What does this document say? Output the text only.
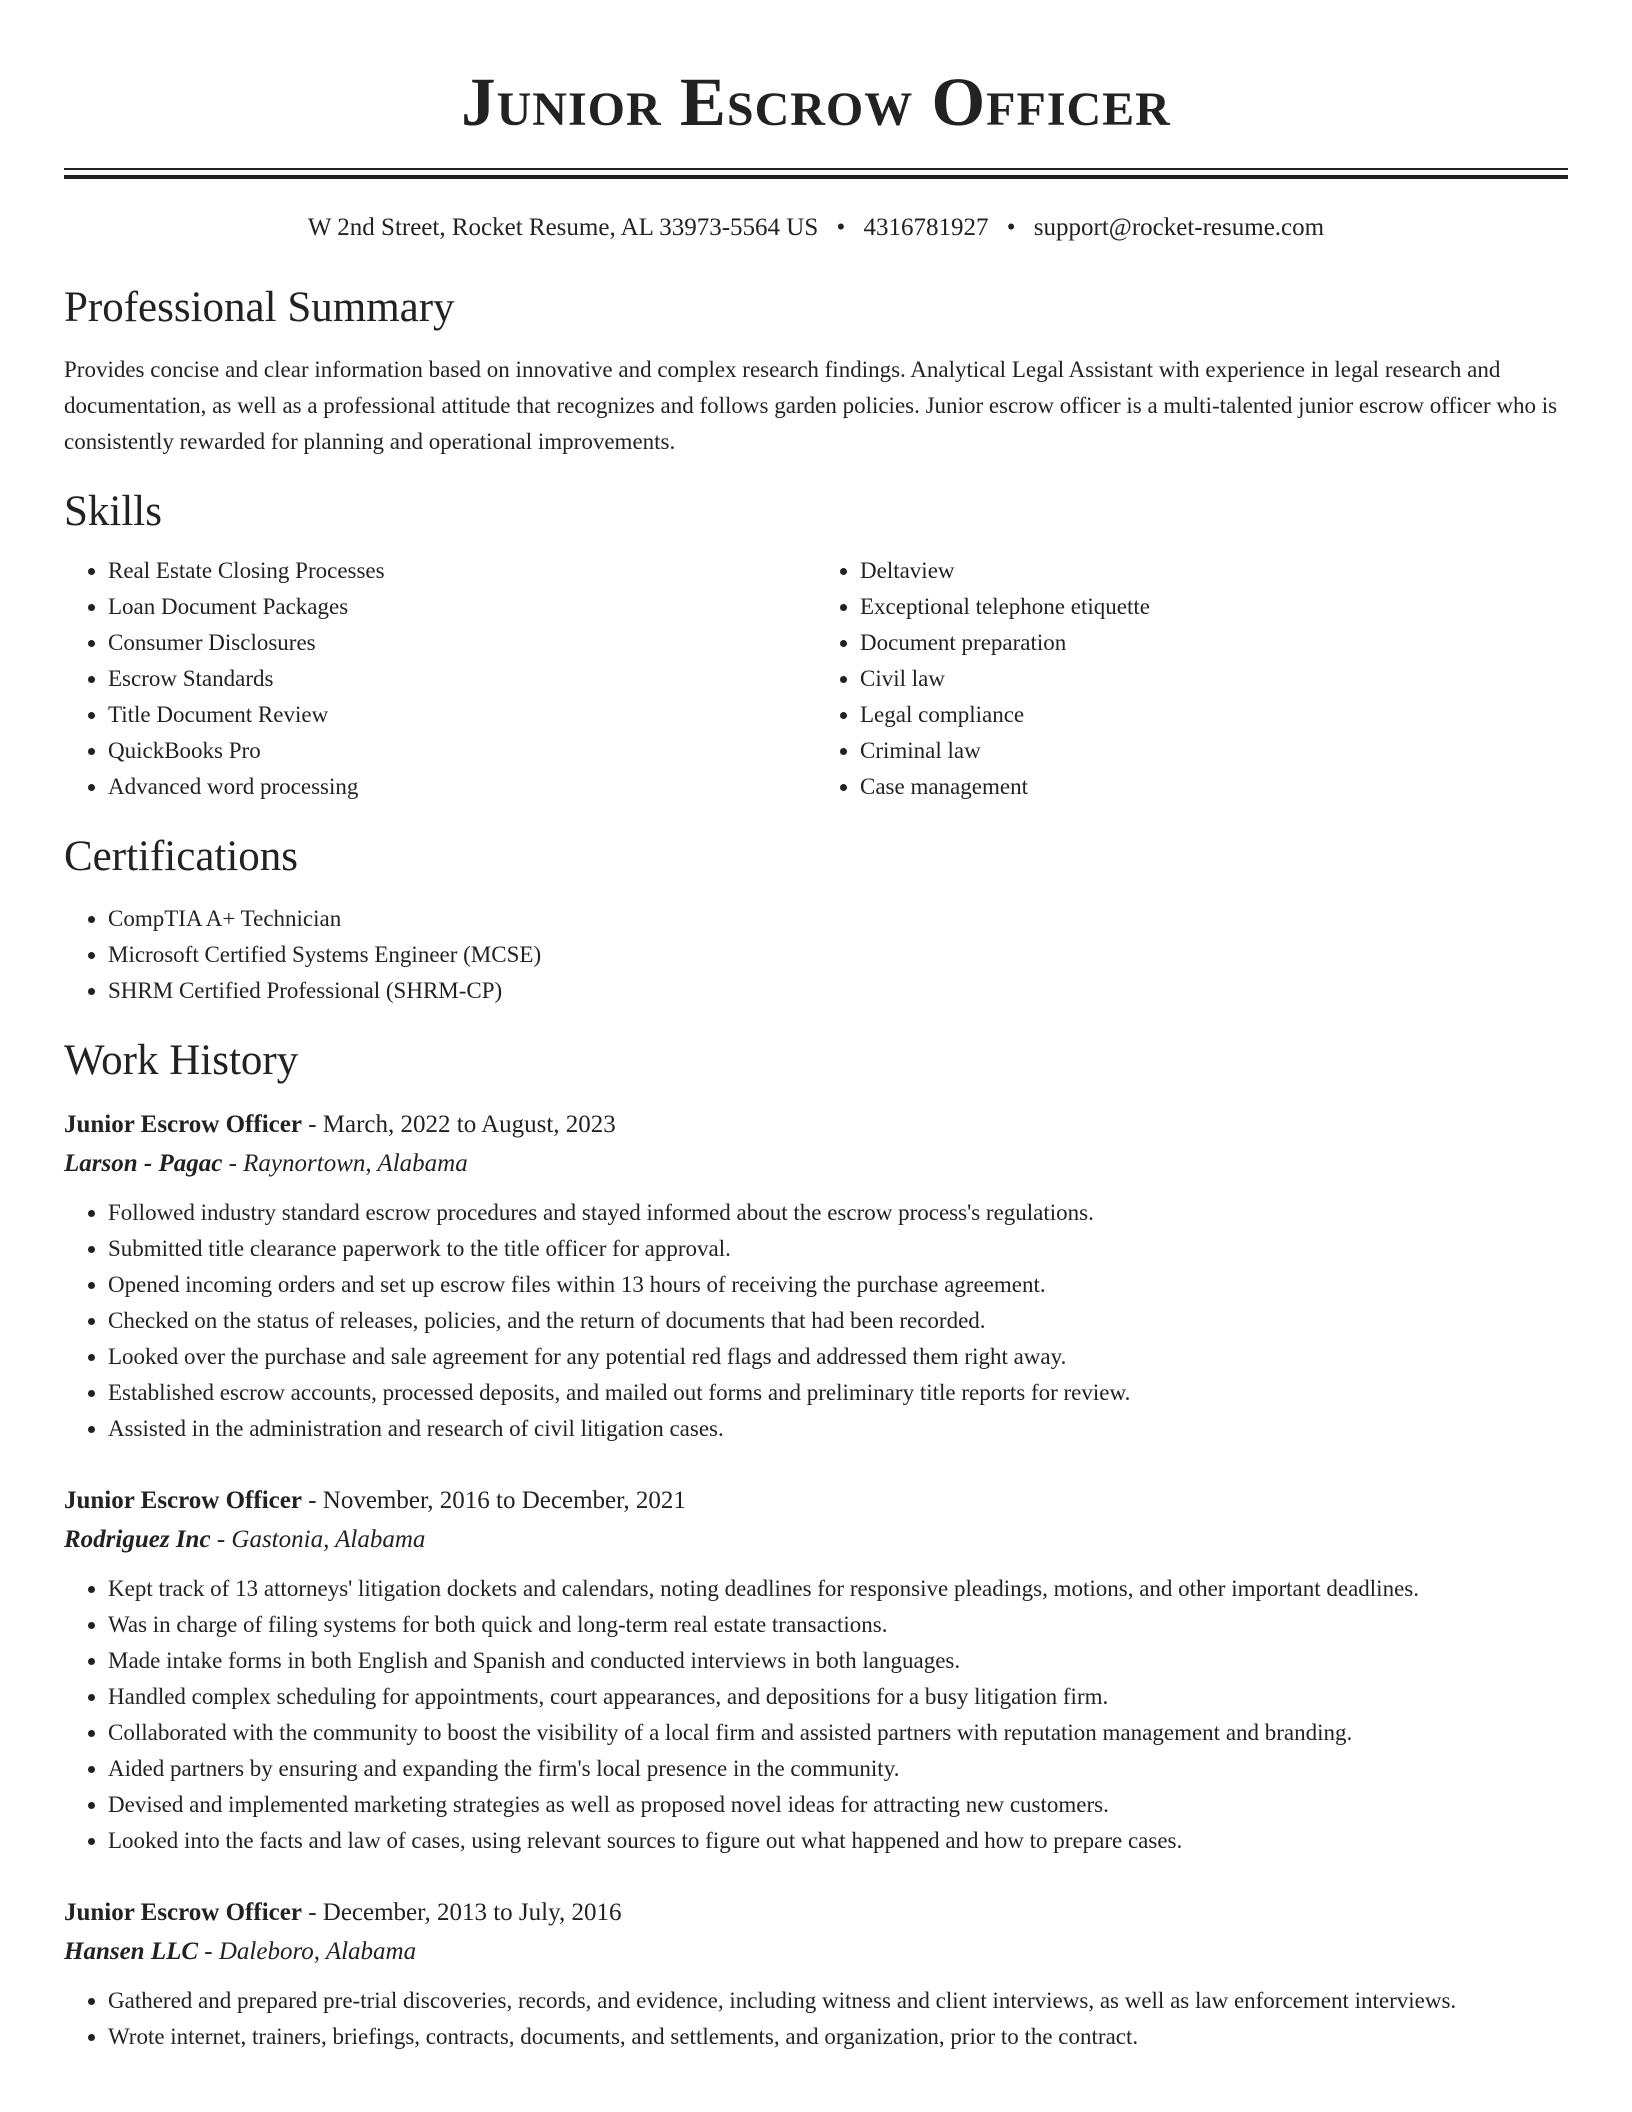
Junior Escrow Officer
W 2nd Street, Rocket Resume, AL 33973-5564 US • 4316781927 • support@rocket-resume.com
Professional Summary

Provides concise and clear information based on innovative and complex research findings. Analytical Legal Assistant with experience in legal research and documentation, as well as a professional attitude that recognizes and follows garden policies. Junior escrow officer is a multi-talented junior escrow officer who is consistently rewarded for planning and operational improvements.

Skills
• Real Estate Closing Processes
• Loan Document Packages
• Consumer Disclosures
• Escrow Standards
• Title Document Review
• QuickBooks Pro
• Advanced word processing
• Deltaview
• Exceptional telephone etiquette
• Document preparation
• Civil law
• Legal compliance
• Criminal law
• Case management
Certifications
• CompTIA A+ Technician
• Microsoft Certified Systems Engineer (MCSE)
• SHRM Certified Professional (SHRM-CP)
Work History
Junior Escrow Officer - March, 2022 to August, 2023
Larson - Pagac - Raynortown, Alabama
• Followed industry standard escrow procedures and stayed informed about the escrow process's regulations.
• Submitted title clearance paperwork to the title officer for approval.
• Opened incoming orders and set up escrow files within 13 hours of receiving the purchase agreement.
• Checked on the status of releases, policies, and the return of documents that had been recorded.
• Looked over the purchase and sale agreement for any potential red flags and addressed them right away.
• Established escrow accounts, processed deposits, and mailed out forms and preliminary title reports for review.
• Assisted in the administration and research of civil litigation cases.
Junior Escrow Officer - November, 2016 to December, 2021
Rodriguez Inc - Gastonia, Alabama
• Kept track of 13 attorneys' litigation dockets and calendars, noting deadlines for responsive pleadings, motions, and other important deadlines.
• Was in charge of filing systems for both quick and long-term real estate transactions.
• Made intake forms in both English and Spanish and conducted interviews in both languages.
• Handled complex scheduling for appointments, court appearances, and depositions for a busy litigation firm.
• Collaborated with the community to boost the visibility of a local firm and assisted partners with reputation management and branding.
• Aided partners by ensuring and expanding the firm's local presence in the community.
• Devised and implemented marketing strategies as well as proposed novel ideas for attracting new customers.
• Looked into the facts and law of cases, using relevant sources to figure out what happened and how to prepare cases.
Junior Escrow Officer - December, 2013 to July, 2016
Hansen LLC - Daleboro, Alabama
• Gathered and prepared pre-trial discoveries, records, and evidence, including witness and client interviews, as well as law enforcement interviews.
• Wrote internet, trainers, briefings, contracts, documents, and settlements, and organization, prior to the contract.
